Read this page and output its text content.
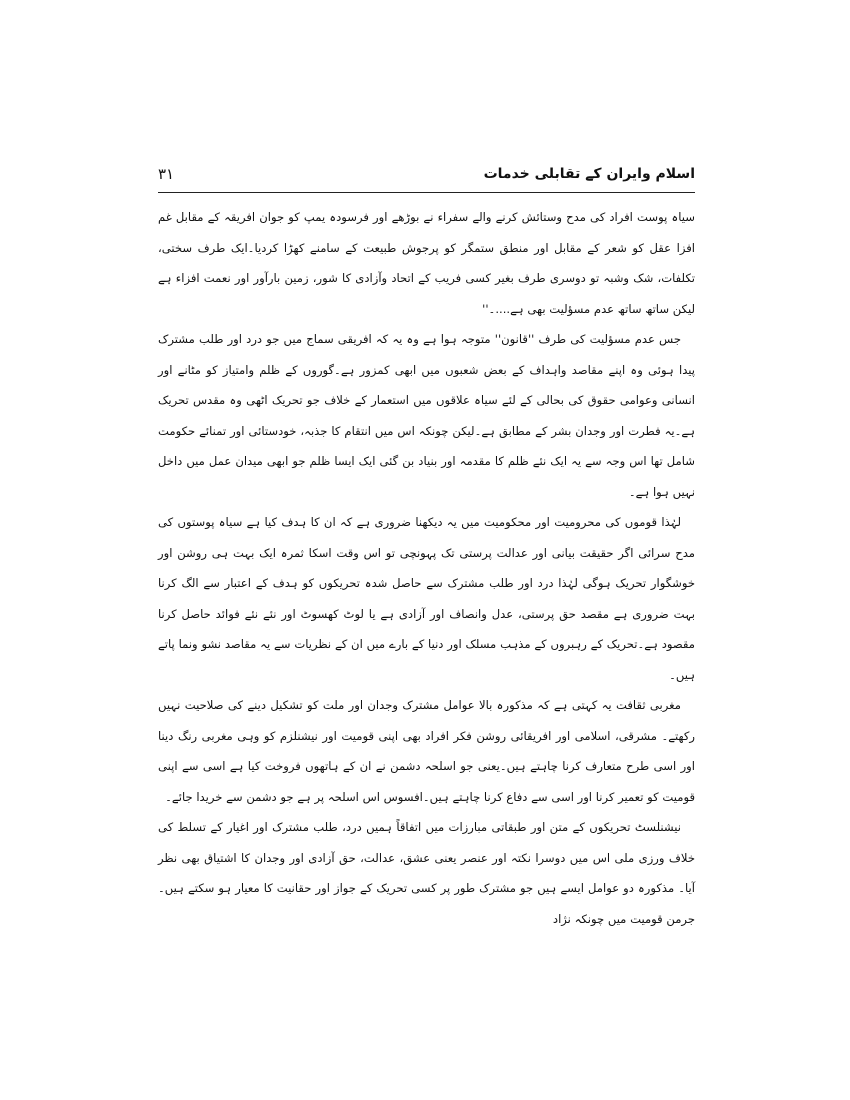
اسلام وایران کے تقابلی خدمات
۳۱

سیاہ پوست افراد کی مدح وستائش کرنے والے سفراء نے بوڑھے اور فرسودہ یمپ کو جوان افریقہ کے مقابل غم افزا عقل کو شعر کے مقابل اور منطق ستمگر کو پرجوش طبیعت کے سامنے کھڑا کردیا۔ایک طرف سختی، تکلفات، شک وشبہ تو دوسری طرف بغیر کسی فریب کے اتحاد وآزادی کا شور، زمین بارآور اور نعمت افزاء ہے لیکن ساتھ ساتھ عدم مسؤلیت بھی ہے....۔''

جس عدم مسؤلیت کی طرف ''قانون'' متوجہ ہوا ہے وہ یہ کہ افریقی سماج میں جو درد اور طلب مشترک پیدا ہوئی وہ اپنے مقاصد واہداف کے بعض شعبوں میں ابھی کمزور ہے۔گوروں کے ظلم وامتیاز کو مٹانے اور انسانی وعوامی حقوق کی بحالی کے لئے سیاہ علاقوں میں استعمار کے خلاف جو تحریک اٹھی وہ مقدس تحریک ہے۔یہ فطرت اور وجدان بشر کے مطابق ہے۔لیکن چونکہ اس میں انتقام کا جذبہ، خودستائی اور تمنائے حکومت شامل تھا اس وجہ سے یہ ایک نئے ظلم کا مقدمہ اور بنیاد بن گئی ایک ایسا ظلم جو ابھی میدان عمل میں داخل نہیں ہوا ہے۔

لہٰذا قوموں کی محرومیت اور محکومیت میں یہ دیکھنا ضروری ہے کہ ان کا ہدف کیا ہے سیاہ پوستوں کی مدح سرائی اگر حقیقت بیانی اور عدالت پرستی تک پہونچی تو اس وقت اسکا ثمرہ ایک بہت ہی روشن اور خوشگوار تحریک ہوگی لہٰذا درد اور طلب مشترک سے حاصل شدہ تحریکوں کو ہدف کے اعتبار سے الگ کرنا بہت ضروری ہے مقصد حق پرستی، عدل وانصاف اور آزادی ہے یا لوٹ کھسوٹ اور نئے نئے فوائد حاصل کرنا مقصود ہے۔تحریک کے رہبروں کے مذہب مسلک اور دنیا کے بارے میں ان کے نظریات سے یہ مقاصد نشو ونما پاتے ہیں۔

مغربی ثقافت یہ کہتی ہے کہ مذکورہ بالا عوامل مشترک وجدان اور ملت کو تشکیل دینے کی صلاحیت نہیں رکھتے۔ مشرقی، اسلامی اور افریقائی روشن فکر افراد بھی اپنی قومیت اور نیشنلزم کو وہی مغربی رنگ دینا اور اسی طرح متعارف کرنا چاہتے ہیں۔یعنی جو اسلحہ دشمن نے ان کے ہاتھوں فروخت کیا ہے اسی سے اپنی قومیت کو تعمیر کرنا اور اسی سے دفاع کرنا چاہتے ہیں۔افسوس اس اسلحہ پر ہے جو دشمن سے خریدا جائے۔

نیشنلسٹ تحریکوں کے متن اور طبقاتی مبارزات میں اتفاقاً ہمیں درد، طلب مشترک اور اغیار کے تسلط کی خلاف ورزی ملی اس میں دوسرا نکتہ اور عنصر یعنی عشق، عدالت، حق آزادی اور وجدان کا اشتیاق بھی نظر آیا۔ مذکورہ دو عوامل ایسے ہیں جو مشترک طور پر کسی تحریک کے جواز اور حقانیت کا معیار ہو سکتے ہیں۔جرمن قومیت میں چونکہ نژاد
